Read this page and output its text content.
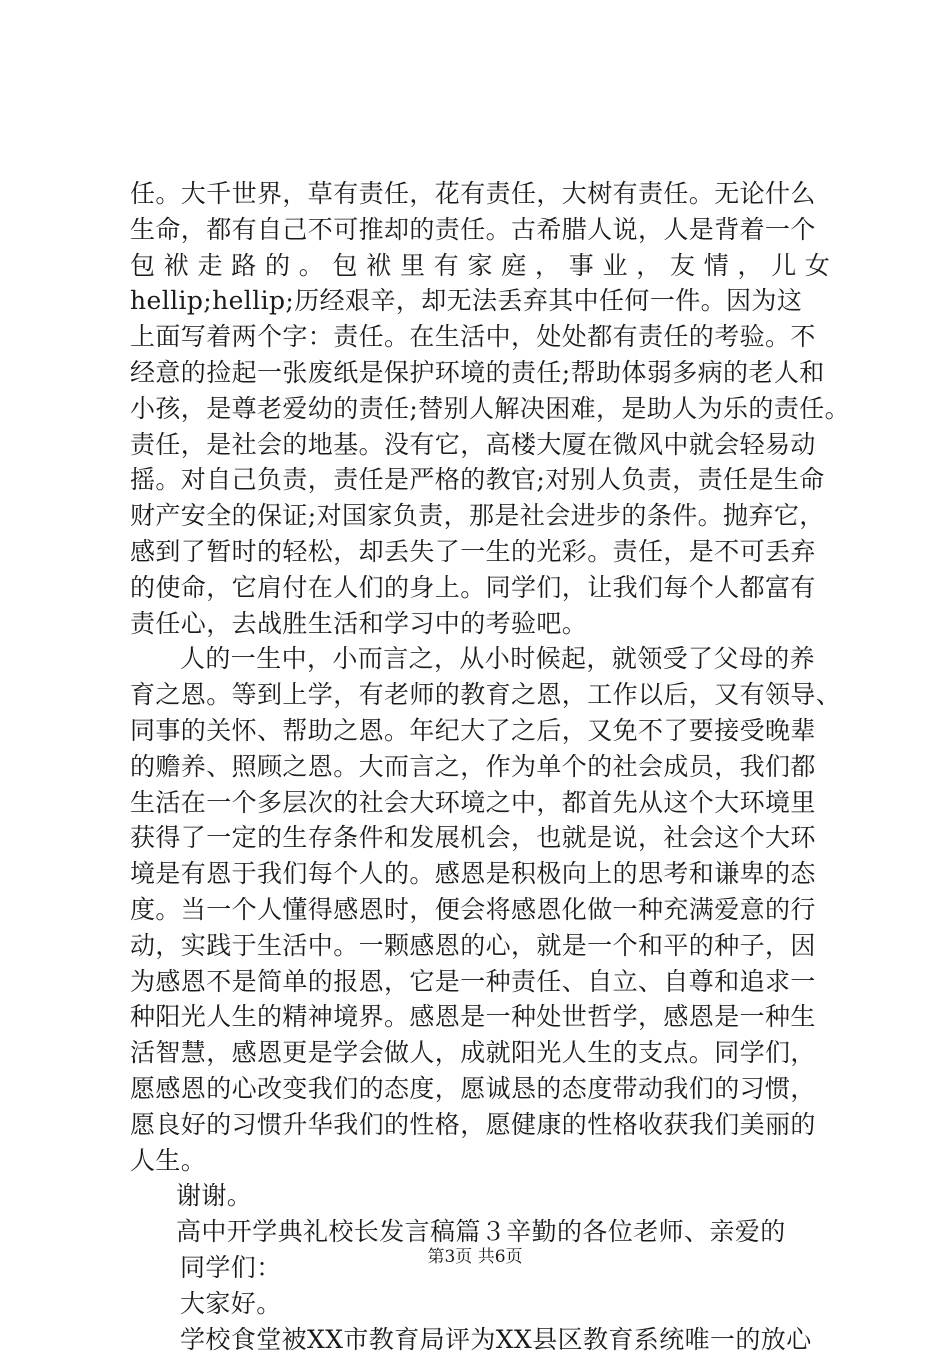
任。大千世界，草有责任，花有责任，大树有责任。无论什么
生命，都有自己不可推却的责任。古希腊人说，人是背着一个
包 袱 走 路 的 。 包 袱 里 有 家 庭 ， 事 业 ， 友 情 ， 儿 女
hellip;hellip;历经艰辛，却无法丢弃其中任何一件。因为这
上面写着两个字：责任。在生活中，处处都有责任的考验。不
经意的捡起一张废纸是保护环境的责任;帮助体弱多病的老人和
小孩，是尊老爱幼的责任;替别人解决困难，是助人为乐的责任。
责任，是社会的地基。没有它，高楼大厦在微风中就会轻易动
摇。对自己负责，责任是严格的教官;对别人负责，责任是生命
财产安全的保证;对国家负责，那是社会进步的条件。抛弃它，
感到了暂时的轻松，却丢失了一生的光彩。责任，是不可丢弃
的使命，它肩付在人们的身上。同学们，让我们每个人都富有
责任心，去战胜生活和学习中的考验吧。
人的一生中，小而言之，从小时候起，就领受了父母的养
育之恩。等到上学，有老师的教育之恩，工作以后，又有领导、
同事的关怀、帮助之恩。年纪大了之后，又免不了要接受晚辈
的赡养、照顾之恩。大而言之，作为单个的社会成员，我们都
生活在一个多层次的社会大环境之中，都首先从这个大环境里
获得了一定的生存条件和发展机会，也就是说，社会这个大环
境是有恩于我们每个人的。感恩是积极向上的思考和谦卑的态
度。当一个人懂得感恩时，便会将感恩化做一种充满爱意的行
动，实践于生活中。一颗感恩的心，就是一个和平的种子，因
为感恩不是简单的报恩，它是一种责任、自立、自尊和追求一
种阳光人生的精神境界。感恩是一种处世哲学，感恩是一种生
活智慧，感恩更是学会做人，成就阳光人生的支点。同学们，
愿感恩的心改变我们的态度，愿诚恳的态度带动我们的习惯，
愿良好的习惯升华我们的性格，愿健康的性格收获我们美丽的
人生。
谢谢。
高中开学典礼校长发言稿篇３辛勤的各位老师、亲爱的
同学们：
大家好。
学校食堂被XX市教育局评为XX县区教育系统唯一的放心
第3页 共6页
